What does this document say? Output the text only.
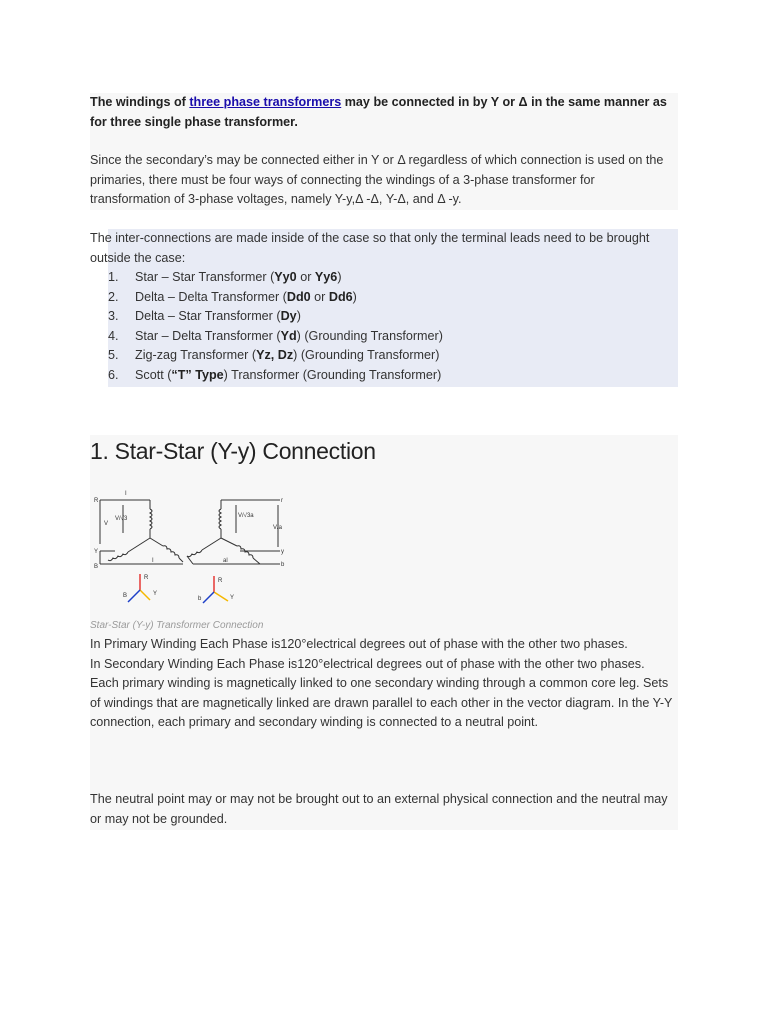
The windings of three phase transformers may be connected in by Y or Δ in the same manner as for three single phase transformer.

Since the secondary’s may be connected either in Y or Δ regardless of which connection is used on the primaries, there must be four ways of connecting the windings of a 3-phase transformer for transformation of 3-phase voltages, namely Y-y,Δ -Δ, Y-Δ, and Δ -y.

The inter-connections are made inside of the case so that only the terminal leads need to be brought outside the case:

1. Star – Star Transformer (Yy0 or Yy6)
2. Delta – Delta Transformer (Dd0 or Dd6)
3. Delta – Star Transformer (Dy)
4. Star – Delta Transformer (Yd) (Grounding Transformer)
5. Zig-zag Transformer (Yz, Dz) (Grounding Transformer)
6. Scott (“T” Type) Transformer (Grounding Transformer)
1. Star-Star (Y-y) Connection
R
V
Y
B
I
I
V/√3	V/√3a
V/a
al
r
y
b
R
Y
B
R
Y
b
Star-Star (Y-y) Transformer Connection

In Primary Winding Each Phase is120°electrical degrees out of phase with the other two phases.

In Secondary Winding Each Phase is120°electrical degrees out of phase with the other two phases.

Each primary winding is magnetically linked to one secondary winding through a common core leg. Sets of windings that are magnetically linked are drawn parallel to each other in the vector diagram. In the Y-Y connection, each primary and secondary winding is connected to a neutral point.

The neutral point may or may not be brought out to an external physical connection and the neutral may or may not be grounded.
